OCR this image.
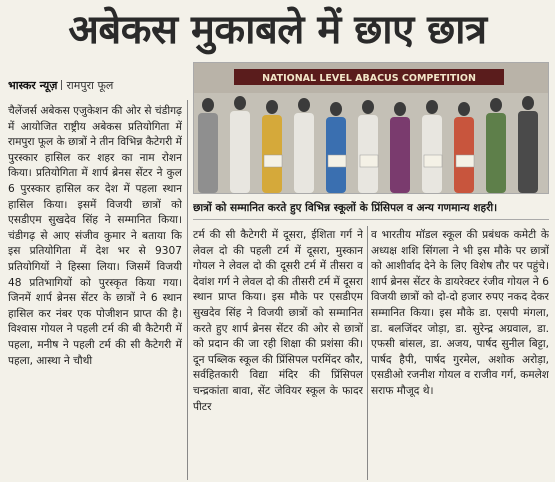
अबेकस मुकाबले में छाए छात्र
भास्कर न्यूज़ रामपुरा फूल

चैलेंजर्स अबेकस एजुकेशन की ओर से चंडीगढ़ में आयोजित राष्ट्रीय अबेकस प्रतियोगिता में रामपुरा फूल के छात्रों ने तीन विभिन्न कैटेगरी में पुरस्कार हासिल कर शहर का नाम रोशन किया। प्रतियोगिता में शार्प ब्रेनस सेंटर ने कुल 6 पुरस्कार हासिल कर देश में पहला स्थान हासिल किया। इसमें विजयी छात्रों को एसडीएम सुखदेव सिंह ने सम्मानित किया। चंडीगढ़ से आए संजीव कुमार ने बताया कि इस प्रतियोगिता में देश भर से 9307 प्रतियोगियों ने हिस्सा लिया। जिसमें विजयी 48 प्रतिभागियों को पुरस्कृत किया गया। जिनमें शार्प ब्रेनस सेंटर के छात्रों ने 6 स्थान हासिल कर नंबर एक पोजीशन प्राप्त की है। विश्वास गोयल ने पहली टर्म की बी कैटेगरी में पहला, मनीष ने पहली टर्म की सी कैटेगरी में पहला, आस्था ने चौथी

NATIONAL LEVEL ABACUS COMPETITION
छात्रों को सम्मानित करते हुए विभिन्न स्कूलों के प्रिंसिपल व अन्य गणमान्य शहरी।

टर्म की सी कैटेगरी में दूसरा, ईशिता गर्ग ने लेवल दो की पहली टर्म में दूसरा, मुस्कान गोयल ने लेवल दो की दूसरी टर्म में तीसरा व देवांश गर्ग ने लेवल दो की तीसरी टर्म में दूसरा स्थान प्राप्त किया। इस मौके पर एसडीएम सुखदेव सिंह ने विजयी छात्रों को सम्मानित करते हुए शार्प ब्रेनस सेंटर की ओर से छात्रों को प्रदान की जा रही शिक्षा की प्रशंसा की। दून पब्लिक स्कूल की प्रिंसिपल परमिंदर कौर, सर्वहितकारी विद्या मंदिर की प्रिंसिपल चन्द्रकांता बावा, सेंट जेवियर स्कूल के फादर पीटर

व भारतीय मॉडल स्कूल की प्रबंधक कमेटी के अध्यक्ष शशि सिंगला ने भी इस मौके पर छात्रों को आशीर्वाद देने के लिए विशेष तौर पर पहुंचे। शार्प ब्रेनस सेंटर के डायरेक्टर रंजीव गोयल ने 6 विजयी छात्रों को दो-दो हजार रुपए नकद देकर सम्मानित किया। इस मौके डा. एसपी मंगला, डा. बलजिंदर जोड़ा, डा. सुरेन्द्र अग्रवाल, डा. एफसी बांसल, डा. अजय, पार्षद सुनील बिट्टा, पार्षद हैपी, पार्षद गुरमेल, अशोक अरोड़ा, एसडीओ रजनीश गोयल व राजीव गर्ग, कमलेश सराफ मौजूद थे।
